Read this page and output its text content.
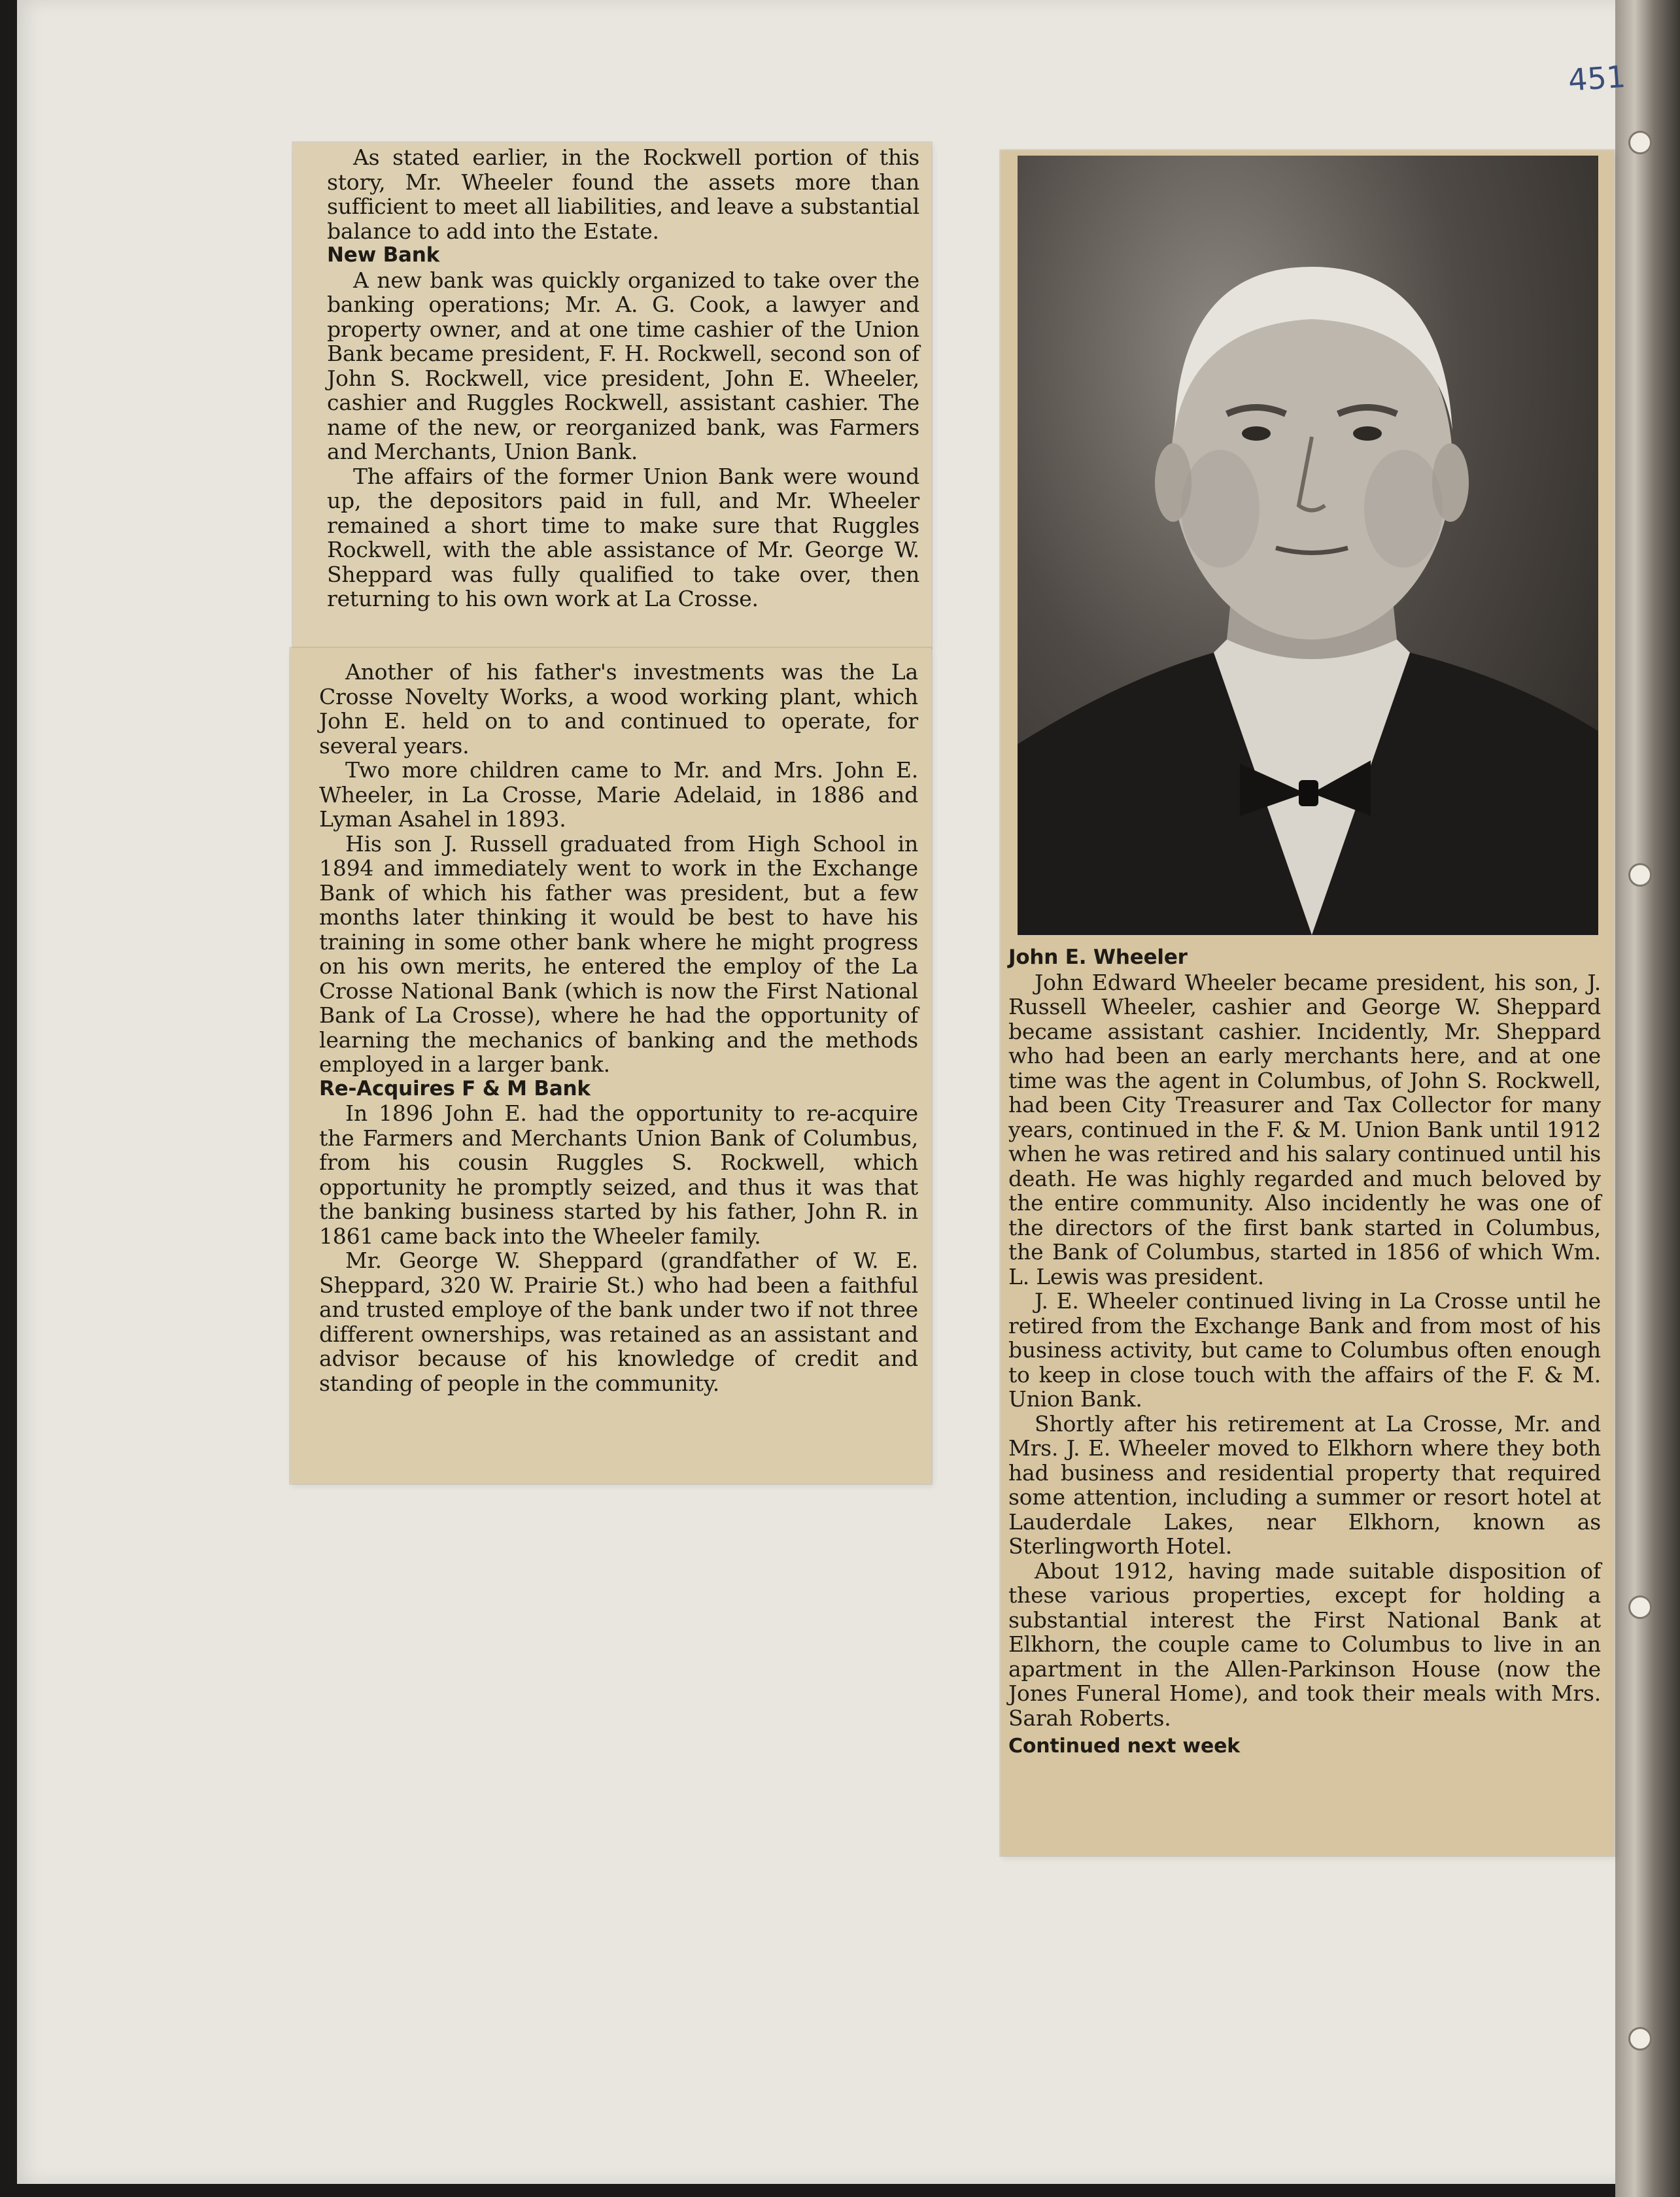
451

As stated earlier, in the Rockwell portion of this story, Mr. Wheeler found the assets more than sufficient to meet all liabilities, and leave a substantial balance to add into the Estate.

New Bank

A new bank was quickly organized to take over the banking operations; Mr. A. G. Cook, a lawyer and property owner, and at one time cashier of the Union Bank became president, F. H. Rockwell, second son of John S. Rockwell, vice president, John E. Wheeler, cashier and Ruggles Rockwell, assistant cashier. The name of the new, or reorganized bank, was Farmers and Merchants, Union Bank.

The affairs of the former Union Bank were wound up, the depositors paid in full, and Mr. Wheeler remained a short time to make sure that Ruggles Rockwell, with the able assistance of Mr. George W. Sheppard was fully qualified to take over, then returning to his own work at La Crosse.

Another of his father's investments was the La Crosse Novelty Works, a wood working plant, which John E. held on to and continued to operate, for several years.

Two more children came to Mr. and Mrs. John E. Wheeler, in La Crosse, Marie Adelaid, in 1886 and Lyman Asahel in 1893.

His son J. Russell graduated from High School in 1894 and immediately went to work in the Exchange Bank of which his father was president, but a few months later thinking it would be best to have his training in some other bank where he might progress on his own merits, he entered the employ of the La Crosse National Bank (which is now the First National Bank of La Crosse), where he had the opportunity of learning the mechanics of banking and the methods employed in a larger bank.

Re-Acquires F & M Bank

In 1896 John E. had the opportunity to re-acquire the Farmers and Merchants Union Bank of Columbus, from his cousin Ruggles S. Rockwell, which opportunity he promptly seized, and thus it was that the banking business started by his father, John R. in 1861 came back into the Wheeler family.

Mr. George W. Sheppard (grandfather of W. E. Sheppard, 320 W. Prairie St.) who had been a faithful and trusted employe of the bank under two if not three different ownerships, was retained as an assistant and advisor because of his knowledge of credit and standing of people in the community.

John E. Wheeler

John Edward Wheeler became president, his son, J. Russell Wheeler, cashier and George W. Sheppard became assistant cashier. Incidently, Mr. Sheppard who had been an early merchants here, and at one time was the agent in Columbus, of John S. Rockwell, had been City Treasurer and Tax Collector for many years, continued in the F. & M. Union Bank until 1912 when he was retired and his salary continued until his death. He was highly regarded and much beloved by the entire community. Also incidently he was one of the directors of the first bank started in Columbus, the Bank of Columbus, started in 1856 of which Wm. L. Lewis was president.

J. E. Wheeler continued living in La Crosse until he retired from the Exchange Bank and from most of his business activity, but came to Columbus often enough to keep in close touch with the affairs of the F. & M. Union Bank.

Shortly after his retirement at La Crosse, Mr. and Mrs. J. E. Wheeler moved to Elkhorn where they both had business and residential property that required some attention, including a summer or resort hotel at Lauderdale Lakes, near Elkhorn, known as Sterlingworth Hotel.

About 1912, having made suitable disposition of these various properties, except for holding a substantial interest the First National Bank at Elkhorn, the couple came to Columbus to live in an apartment in the Allen-Parkinson House (now the Jones Funeral Home), and took their meals with Mrs. Sarah Roberts.

Continued next week
